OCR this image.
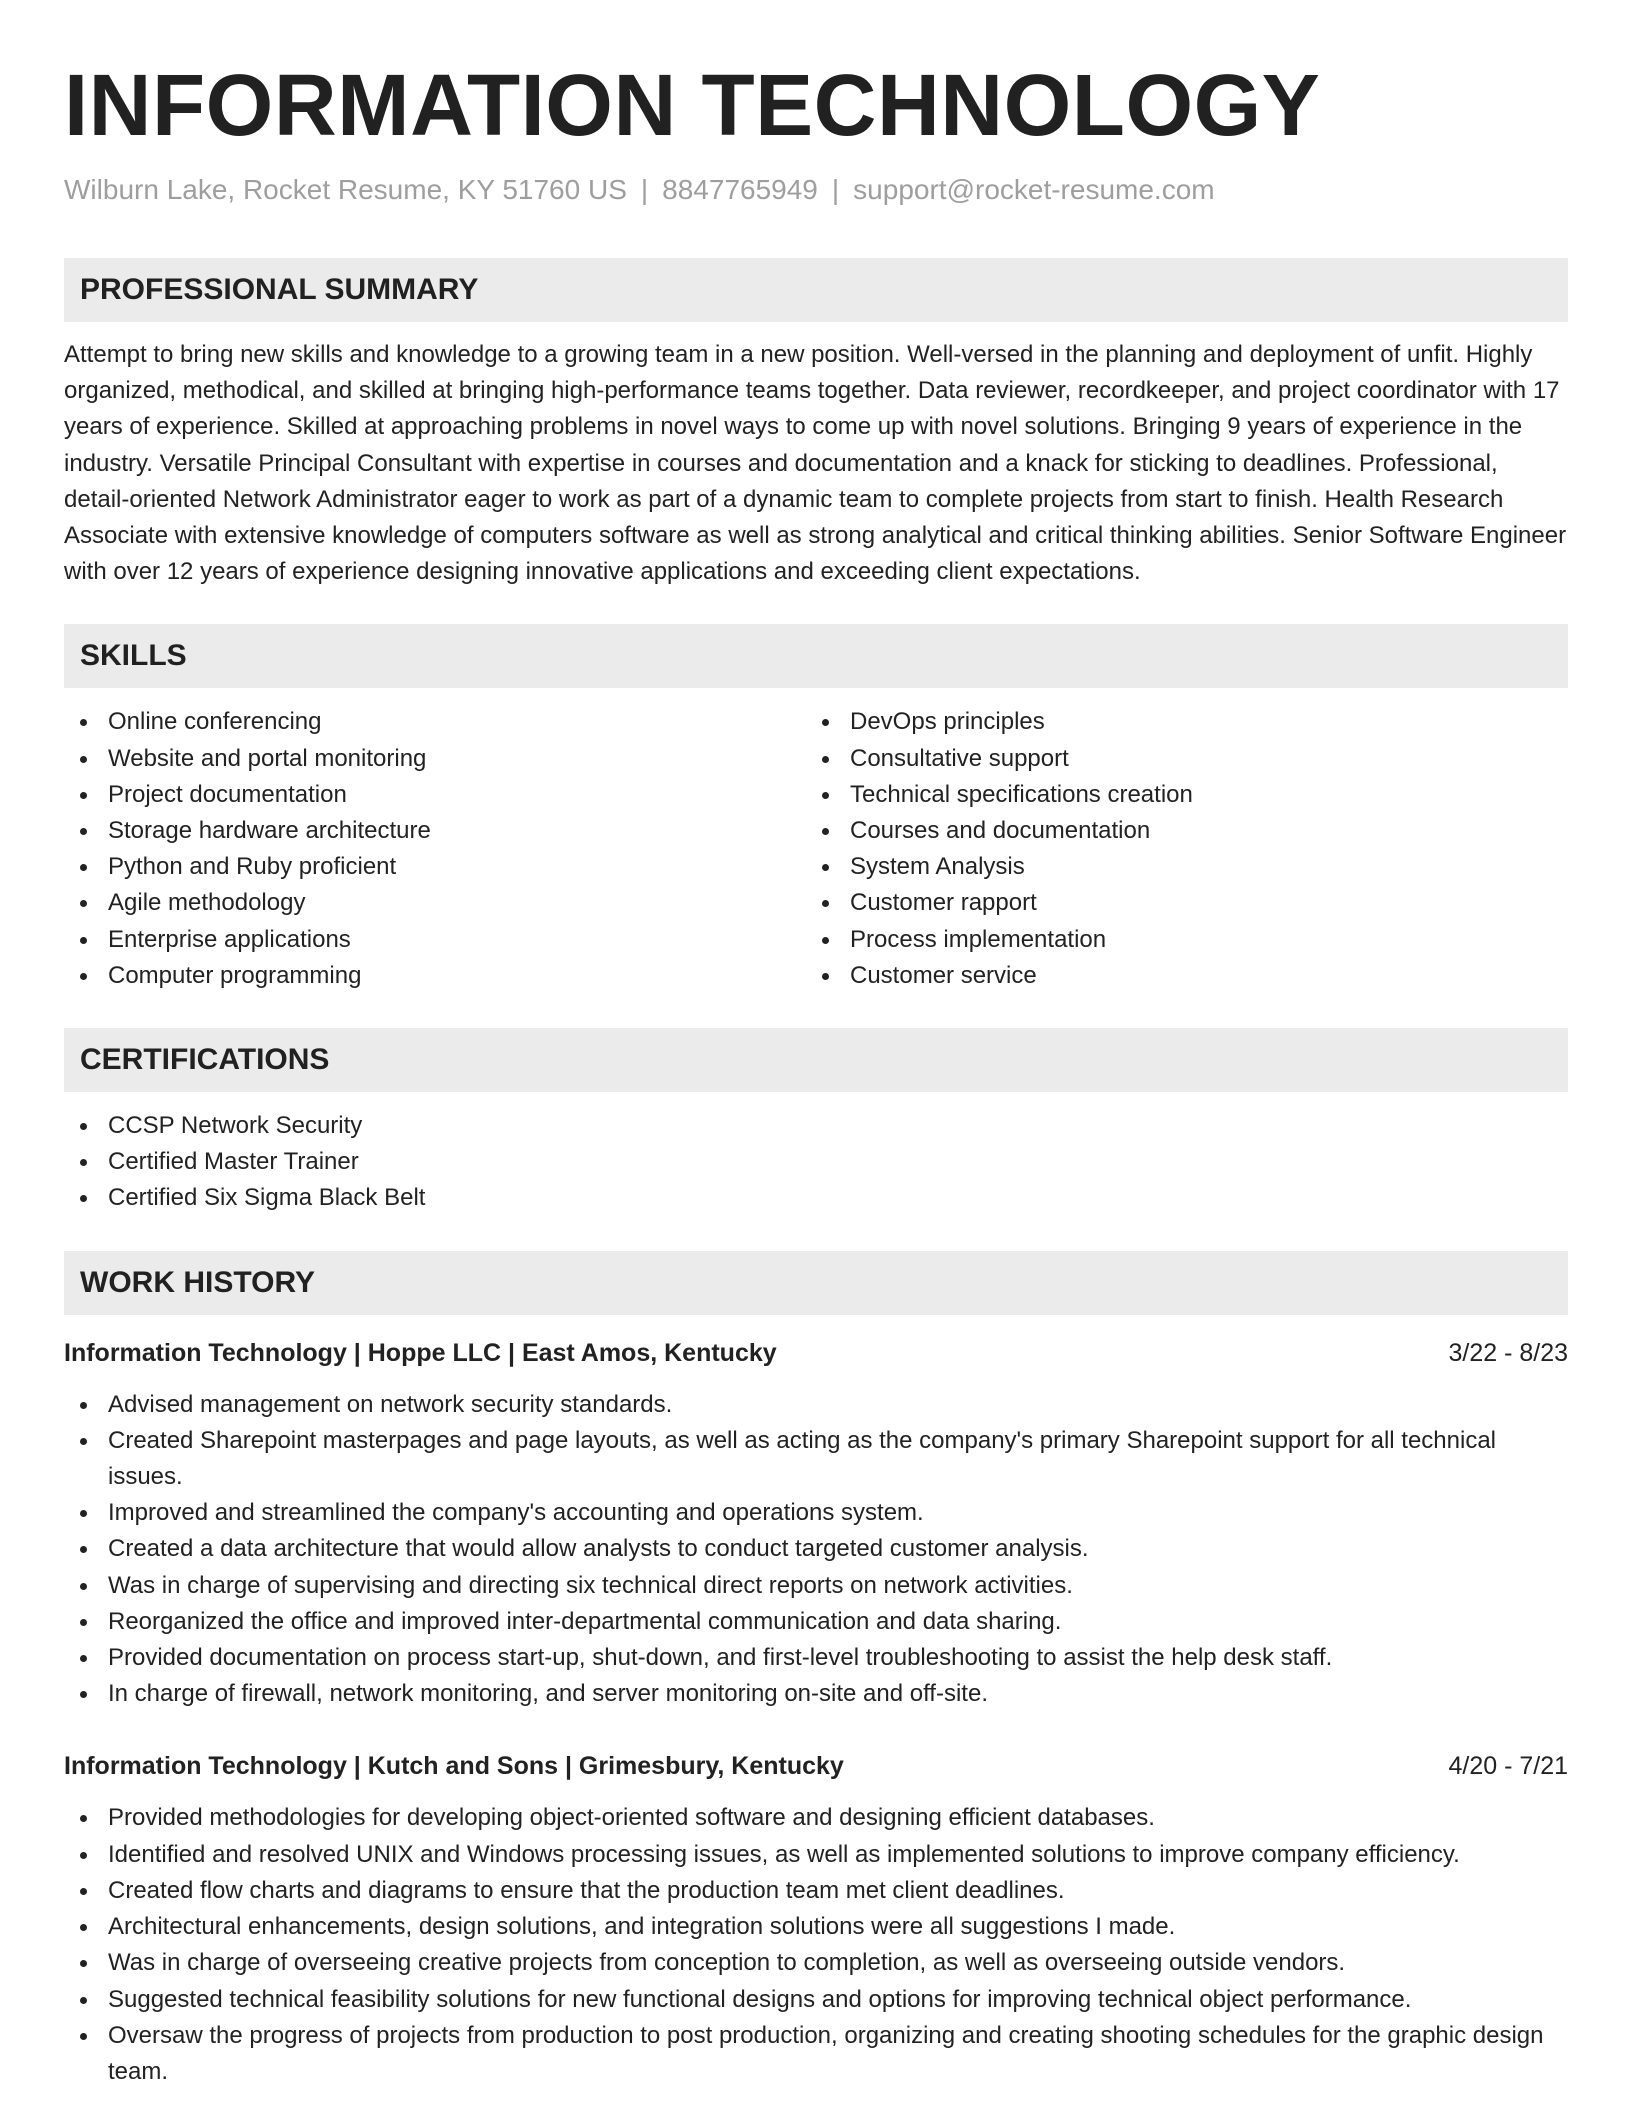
INFORMATION TECHNOLOGY
Wilburn Lake, Rocket Resume, KY 51760 US | 8847765949 | support@rocket-resume.com
PROFESSIONAL SUMMARY

Attempt to bring new skills and knowledge to a growing team in a new position. Well-versed in the planning and deployment of unfit. Highly organized, methodical, and skilled at bringing high-performance teams together. Data reviewer, recordkeeper, and project coordinator with 17 years of experience. Skilled at approaching problems in novel ways to come up with novel solutions. Bringing 9 years of experience in the industry. Versatile Principal Consultant with expertise in courses and documentation and a knack for sticking to deadlines. Professional, detail-oriented Network Administrator eager to work as part of a dynamic team to complete projects from start to finish. Health Research Associate with extensive knowledge of computers software as well as strong analytical and critical thinking abilities. Senior Software Engineer with over 12 years of experience designing innovative applications and exceeding client expectations.

SKILLS
Online conferencing
Website and portal monitoring
Project documentation
Storage hardware architecture
Python and Ruby proficient
Agile methodology
Enterprise applications
Computer programming
DevOps principles
Consultative support
Technical specifications creation
Courses and documentation
System Analysis
Customer rapport
Process implementation
Customer service
CERTIFICATIONS
CCSP Network Security
Certified Master Trainer
Certified Six Sigma Black Belt
WORK HISTORY
Information Technology | Hoppe LLC | East Amos, Kentucky	3/22 - 8/23
Advised management on network security standards.
Created Sharepoint masterpages and page layouts, as well as acting as the company's primary Sharepoint support for all technical issues.
Improved and streamlined the company's accounting and operations system.
Created a data architecture that would allow analysts to conduct targeted customer analysis.
Was in charge of supervising and directing six technical direct reports on network activities.
Reorganized the office and improved inter-departmental communication and data sharing.
Provided documentation on process start-up, shut-down, and first-level troubleshooting to assist the help desk staff.
In charge of firewall, network monitoring, and server monitoring on-site and off-site.
Information Technology | Kutch and Sons | Grimesbury, Kentucky	4/20 - 7/21
Provided methodologies for developing object-oriented software and designing efficient databases.
Identified and resolved UNIX and Windows processing issues, as well as implemented solutions to improve company efficiency.
Created flow charts and diagrams to ensure that the production team met client deadlines.
Architectural enhancements, design solutions, and integration solutions were all suggestions I made.
Was in charge of overseeing creative projects from conception to completion, as well as overseeing outside vendors.
Suggested technical feasibility solutions for new functional designs and options for improving technical object performance.
Oversaw the progress of projects from production to post production, organizing and creating shooting schedules for the graphic design team.
